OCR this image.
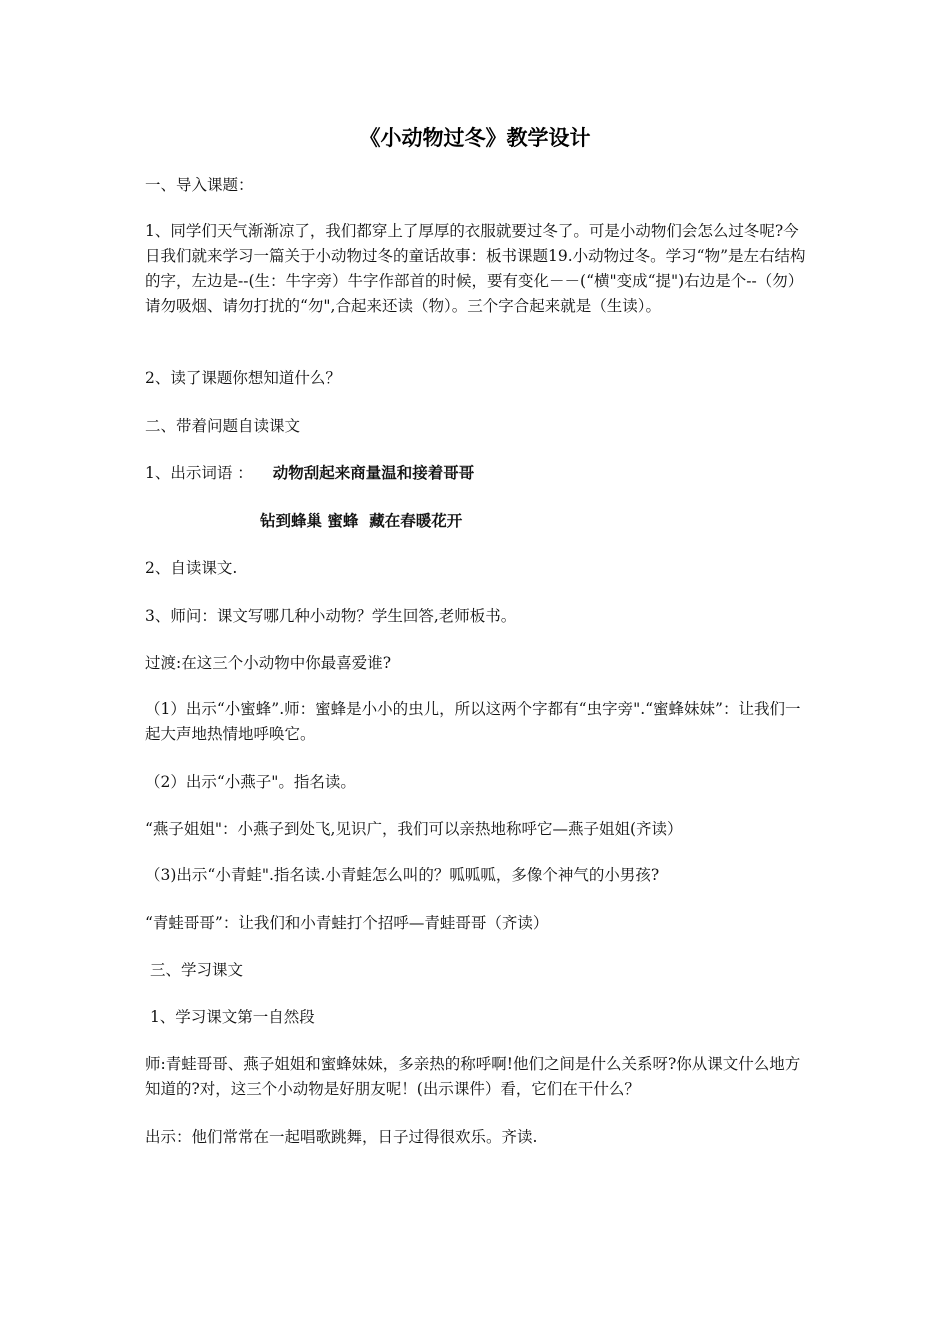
《小动物过冬》教学设计
一、导入课题：
1、同学们天气渐渐凉了，我们都穿上了厚厚的衣服就要过冬了。可是小动物们会怎么过冬呢?今日我们就来学习一篇关于小动物过冬的童话故事：板书课题19.小动物过冬。学习“物”是左右结构的字，左边是--(生：牛字旁）牛字作部首的时候，要有变化－－(“横"变成“提")右边是个--（勿）请勿吸烟、请勿打扰的“勿",合起来还读（物）。三个字合起来就是（生读）。
2、读了课题你想知道什么？
二、带着问题自读课文
1、出示词语 ： 动物刮起来商量温和接着哥哥
钻到蜂巢 蜜蜂  藏在春暖花开
2、自读课文.
3、师问：课文写哪几种小动物？学生回答,老师板书。
过渡:在这三个小动物中你最喜爱谁?
（1）出示“小蜜蜂”.师：蜜蜂是小小的虫儿，所以这两个字都有“虫字旁".“蜜蜂妹妹”：让我们一起大声地热情地呼唤它。
（2）出示“小燕子"。指名读。
“燕子姐姐"：小燕子到处飞,见识广，我们可以亲热地称呼它—燕子姐姐(齐读）
（3)出示“小青蛙".指名读.小青蛙怎么叫的？呱呱呱，多像个神气的小男孩?
“青蛙哥哥”：让我们和小青蛙打个招呼—青蛙哥哥（齐读）
三、学习课文
1、学习课文第一自然段
师:青蛙哥哥、燕子姐姐和蜜蜂妹妹，多亲热的称呼啊!他们之间是什么关系呀?你从课文什么地方知道的?对，这三个小动物是好朋友呢！(出示课件）看，它们在干什么？
出示：他们常常在一起唱歌跳舞，日子过得很欢乐。齐读.
